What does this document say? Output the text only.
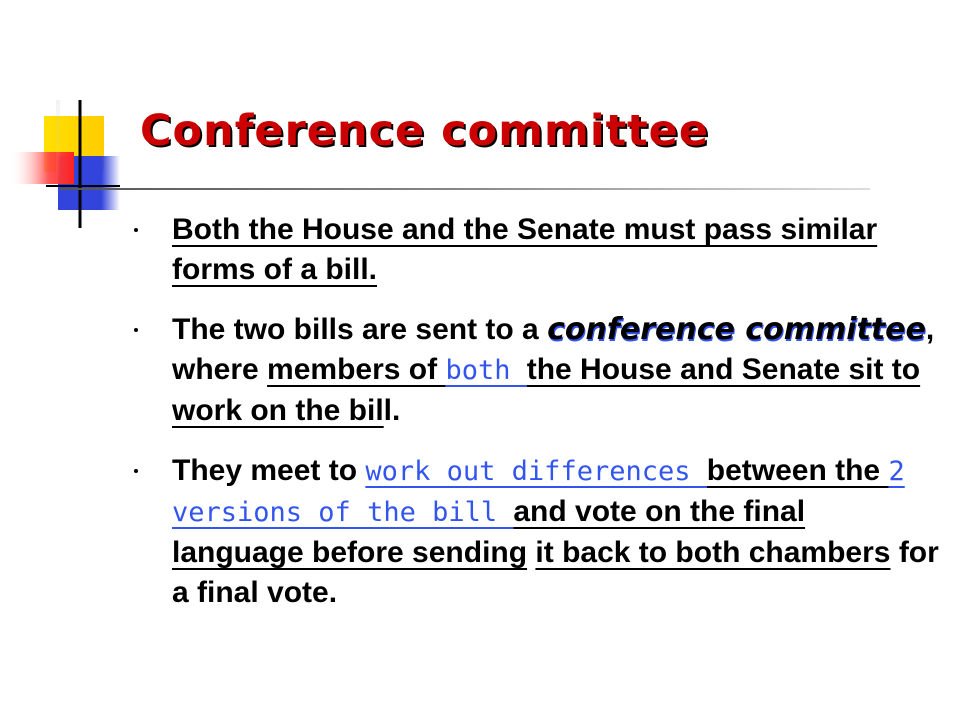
Conference committee
Both the House and the Senate must pass similar forms of a bill.
The two bills are sent to a conference committee, where members of both the House and Senate sit to work on the bill.
They meet to work out differences between the 2 versions of the bill and vote on the final language before sending it back to both chambers for a final vote.
